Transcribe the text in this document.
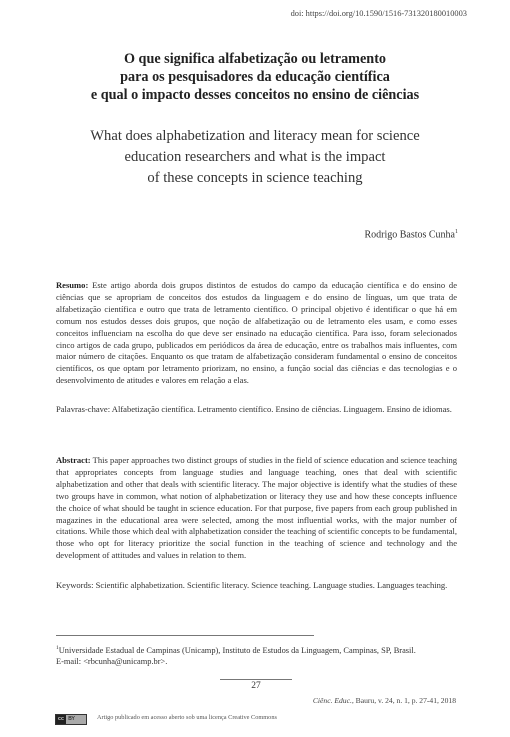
doi: https://doi.org/10.1590/1516-731320180010003
O que significa alfabetização ou letramento
para os pesquisadores da educação científica
e qual o impacto desses conceitos no ensino de ciências
What does alphabetization and literacy mean for science
education researchers and what is the impact
of these concepts in science teaching
Rodrigo Bastos Cunha$^1$
Resumo: Este artigo aborda dois grupos distintos de estudos do campo da educação científica e do ensino de ciências que se apropriam de conceitos dos estudos da linguagem e do ensino de línguas, um que trata de alfabetização científica e outro que trata de letramento científico. O principal objetivo é identificar o que há em comum nos estudos desses dois grupos, que noção de alfabetização ou de letramento eles usam, e como esses conceitos influenciam na escolha do que deve ser ensinado na educação científica. Para isso, foram selecionados cinco artigos de cada grupo, publicados em periódicos da área de educação, entre os trabalhos mais influentes, com maior número de citações. Enquanto os que tratam de alfabetização consideram fundamental o ensino de conceitos científicos, os que optam por letramento priorizam, no ensino, a função social das ciências e das tecnologias e o desenvolvimento de atitudes e valores em relação a elas.
Palavras-chave: Alfabetização científica. Letramento científico. Ensino de ciências. Linguagem. Ensino de idiomas.
Abstract: This paper approaches two distinct groups of studies in the field of science education and science teaching that appropriates concepts from language studies and language teaching, ones that deal with scientific alphabetization and other that deals with scientific literacy. The major objective is identify what the studies of these two groups have in common, what notion of alphabetization or literacy they use and how these concepts influence the choice of what should be taught in science education. For that purpose, five papers from each group published in magazines in the educational area were selected, among the most influential works, with the major number of citations. While those which deal with alphabetization consider the teaching of scientific concepts to be fundamental, those who opt for literacy prioritize the social function in the teaching of science and technology and the development of attitudes and values in relation to them.
Keywords: Scientific alphabetization. Scientific literacy. Science teaching. Language studies. Languages teaching.
$^1$Universidade Estadual de Campinas (Unicamp), Instituto de Estudos da Linguagem, Campinas, SP, Brasil.
E-mail: <rbcunha@unicamp.br>.
27
Ciênc. Educ., Bauru, v. 24, n. 1, p. 27-41, 2018
cc BY	Artigo publicado em acesso aberto sob uma licença Creative Commons
